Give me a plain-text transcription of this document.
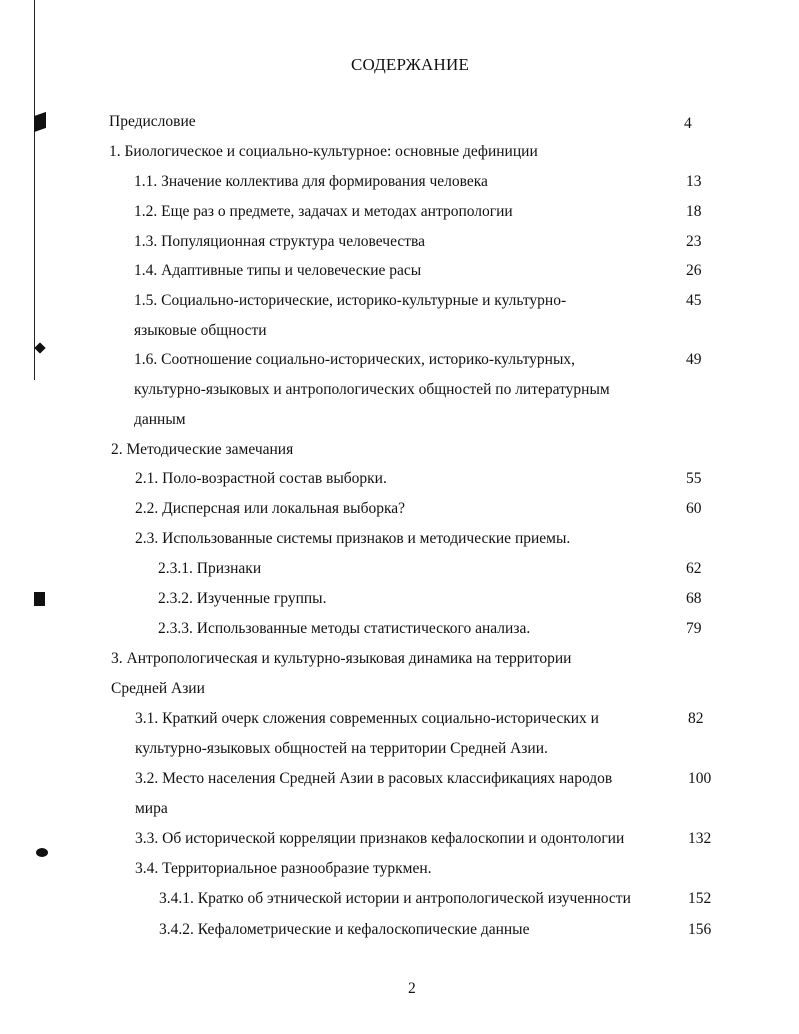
СОДЕРЖАНИЕ
Предисловие	4
1. Биологическое и социально-культурное: основные дефиниции
1.1. Значение коллектива для формирования человека	13
1.2. Еще раз о предмете, задачах и методах антропологии	18
1.3. Популяционная структура человечества	23
1.4. Адаптивные типы и человеческие расы	26
1.5. Социально-исторические, историко-культурные и культурно-	45
языковые общности
1.6. Соотношение социально-исторических, историко-культурных,	49
культурно-языковых и антропологических общностей по литературным
данным
2. Методические замечания
2.1. Поло-возрастной состав выборки.	55
2.2. Дисперсная или локальная выборка?	60
2.3. Использованные системы признаков и методические приемы.
2.3.1. Признаки	62
2.3.2. Изученные группы.	68
2.3.3. Использованные методы статистического анализа.	79
3. Антропологическая и культурно-языковая динамика на территории
Средней Азии
3.1. Краткий очерк сложения современных социально-исторических и	82
культурно-языковых общностей на территории Средней Азии.
3.2. Место населения Средней Азии в расовых классификациях народов	100
мира
3.3. Об исторической корреляции признаков кефалоскопии и одонтологии	132
3.4. Территориальное разнообразие туркмен.
3.4.1. Кратко об этнической истории и антропологической изученности	152
3.4.2. Кефалометрические и кефалоскопические данные	156
2
